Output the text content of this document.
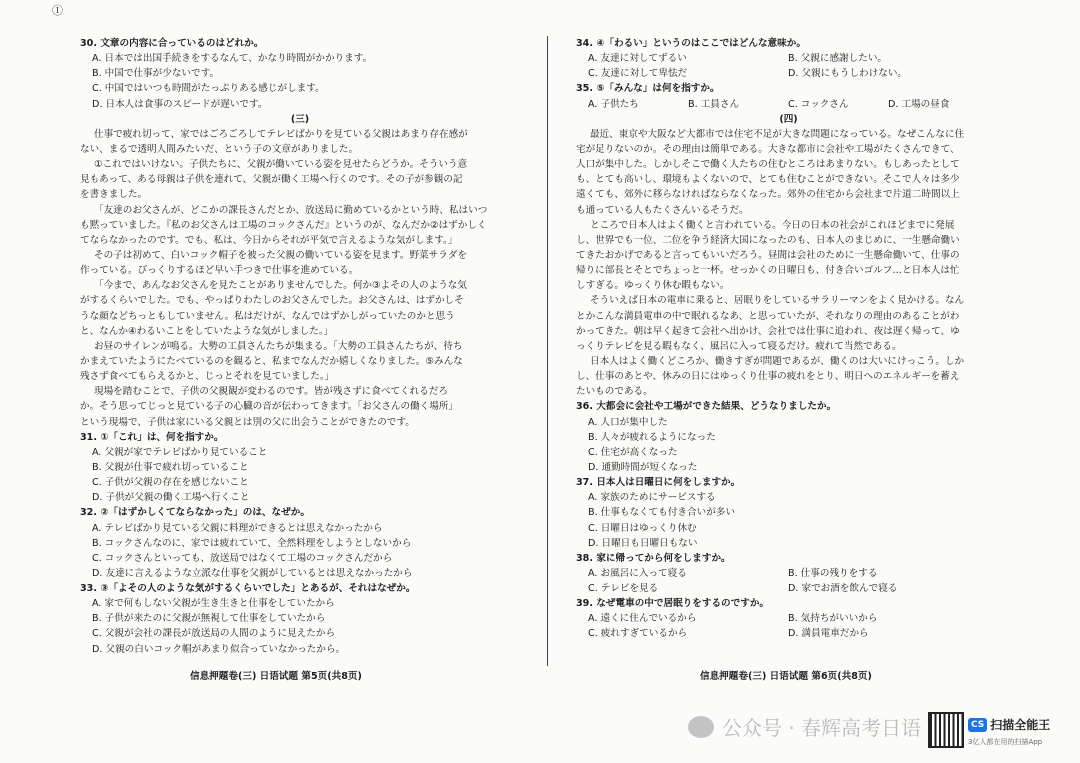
Ⓘ
30. 文章の内容に合っているのはどれか。
A. 日本では出国手続きをするなんて、かなり時間がかかります。
B. 中国で仕事が少ないです。
C. 中国ではいつも時間がたっぷりある感じがします。
D. 日本人は食事のスピードが遅いです。
(三)
仕事で疲れ切って、家ではごろごろしてテレビばかりを見ている父親はあまり存在感が
ない、まるで透明人間みたいだ、という子の文章がありました。
①これではいけない。子供たちに、父親が働いている姿を見せたらどうか。そういう意
見もあって、ある母親は子供を連れて、父親が働く工場へ行くのです。その子が参観の記
を書きました。
「友達のお父さんが、どこかの課長さんだとか、放送局に勤めているかという時、私はいつ
も黙っていました。『私のお父さんは工場のコックさんだ』というのが、なんだか②はずかしく
てならなかったのです。でも、私は、今日からそれが平気で言えるような気がします。」
その子は初めて、白いコック帽子を被った父親の働いている姿を見ます。野菜サラダを
作っている。びっくりするほど早い手つきで仕事を進めている。
「今まで、あんなお父さんを見たことがありませんでした。何か③よその人のような気
がするくらいでした。でも、やっぱりわたしのお父さんでした。お父さんは、はずかしそ
うな顔などちっともしていません。私はだけが、なんではずかしがっていたのかと思う
と、なんか④わるいことをしていたような気がしました。」
お昼のサイレンが鳴る。大勢の工員さんたちが集まる。「大勢の工員さんたちが、待ち
かまえていたようにたべているのを観ると、私までなんだか嬉しくなりました。⑤みんな
残さず食べてもらえるかと、じっとそれを見ていました。」
現場を踏むことで、子供の父親観が変わるのです。皆が残さずに食べてくれるだろ
か。そう思ってじっと見ている子の心臓の音が伝わってきます。「お父さんの働く場所」
という現場で、子供は家にいる父親とは別の父に出会うことができたのです。
31. ①「これ」は、何を指すか。
A. 父親が家でテレビばかり見ていること
B. 父親が仕事で疲れ切っていること
C. 子供が父親の存在を感じないこと
D. 子供が父親の働く工場へ行くこと
32. ②「はずかしくてならなかった」のは、なぜか。
A. テレビばかり見ている父親に料理ができるとは思えなかったから
B. コックさんなのに、家では疲れていて、全然料理をしようとしないから
C. コックさんといっても、放送局ではなくて工場のコックさんだから
D. 友達に言えるような立派な仕事を父親がしているとは思えなかったから
33. ③「よその人のような気がするくらいでした」とあるが、それはなぜか。
A. 家で何もしない父親が生き生きと仕事をしていたから
B. 子供が来たのに父親が無視して仕事をしていたから
C. 父親が会社の課長が放送局の人間のように見えたから
D. 父親の白いコック帽があまり似合っていなかったから。
34. ④「わるい」というのはここではどんな意味か。
A. 友達に対してずるい	B. 父親に感謝したい。
C. 友達に対して卑怯だ	D. 父親にもうしわけない。
35. ⑤「みんな」は何を指すか。
A. 子供たち	B. 工員さん	C. コックさん	D. 工場の昼食
(四)
最近、東京や大阪など大都市では住宅不足が大きな問題になっている。なぜこんなに住
宅が足りないのか。その理由は簡単である。大きな都市に会社や工場がたくさんできて、
人口が集中した。しかしそこで働く人たちの住むところはあまりない。もしあったとして
も、とても高いし、環境もよくないので、とても住むことができない。そこで人々は多少
遠くても、郊外に移らなければならなくなった。郊外の住宅から会社まで片道二時間以上
も通っている人もたくさんいるそうだ。
ところで日本人はよく働くと言われている。今日の日本の社会がこれほどまでに発展
し、世界でも一位、二位を争う経済大国になったのも、日本人のまじめに、一生懸命働い
てきたおかげであると言ってもいいだろう。昼間は会社のために一生懸命働いて、仕事の
帰りに部長とそとでちょっと一杯。せっかくの日曜日も、付き合いゴルフ…と日本人は忙
しすぎる。ゆっくり休む暇もない。
そういえば日本の電車に乗ると、居眠りをしているサラリーマンをよく見かける。なん
とかこんな満員電車の中で眠れるなあ、と思っていたが、それなりの理由のあることがわ
かってきた。朝は早く起きて会社へ出かけ、会社では仕事に追われ、夜は遅く帰って、ゆ
っくりテレビを見る暇もなく、風呂に入って寝るだけ。疲れて当然である。
日本人はよく働くどころか、働きすぎが問題であるが、働くのは大いにけっこう。しか
し、仕事のあとや、休みの日にはゆっくり仕事の疲れをとり、明日へのエネルギーを蓄え
たいものである。
36. 大都会に会社や工場ができた結果、どうなりましたか。
A. 人口が集中した
B. 人々が疲れるようになった
C. 住宅が高くなった
D. 通勤時間が短くなった
37. 日本人は日曜日に何をしますか。
A. 家族のためにサービスする
B. 仕事もなくても付き合いが多い
C. 日曜日はゆっくり休む
D. 日曜日も日曜日もない
38. 家に帰ってから何をしますか。
A. お風呂に入って寝る	B. 仕事の残りをする
C. テレビを見る	D. 家でお酒を飲んで寝る
39. なぜ電車の中で居眠りをするのですか。
A. 遠くに住んでいるから	B. 気持ちがいいから
C. 疲れすぎているから	D. 満員電車だから
信息押題卷(三) 日语试题 第5页(共8页)	信息押題卷(三) 日语试题 第6页(共8页)
公众号 · 春辉高考日语	CS 扫描全能王
3亿人都在用的扫描App
